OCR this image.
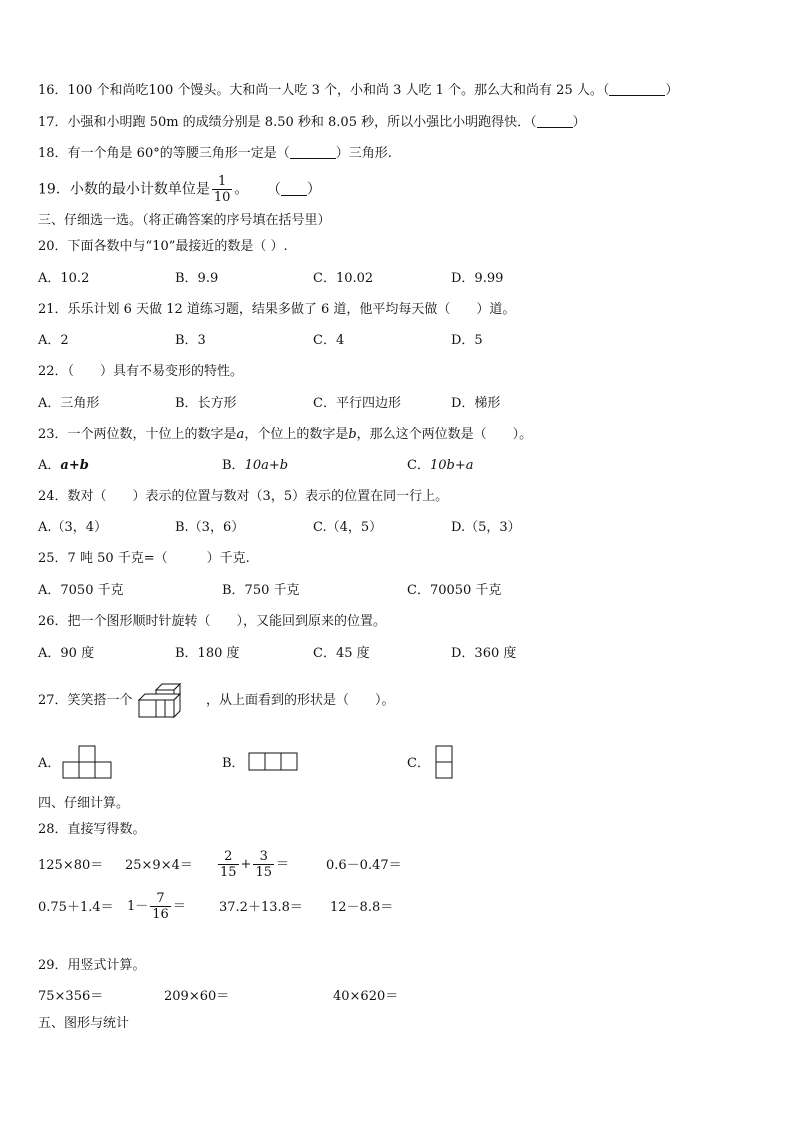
16．100 个和尚吃100 个馒头。大和尚一人吃 3 个，小和尚 3 人吃 1 个。那么大和尚有 25 人。（	）
17．小强和小明跑 50m 的成绩分别是 8.50 秒和 8.05 秒，所以小强比小明跑得快．（	）
18．有一个角是 60°的等腰三角形一定是（	）三角形.
19．小数的最小计数单位是 $\frac{1}{10}$ 。 （ ）
三、仔细选一选。（将正确答案的序号填在括号里）
20．下面各数中与“10”最接近的数是（ ）.
A．10.2	B．9.9	C．10.02	D．9.99
21．乐乐计划 6 天做 12 道练习题，结果多做了 6 道，他平均每天做（　　）道。
A．2	B．3	C．4	D．5
22．（　　）具有不易变形的特性。
A．三角形	B．长方形	C．平行四边形	D．梯形
23．一个两位数，十位上的数字是a，个位上的数字是b，那么这个两位数是（　　）。
A．a+b	B．10a+b	C．10b+a
24．数对（　　）表示的位置与数对（3，5）表示的位置在同一行上。
A.（3，4）	B.（3，6）	C.（4，5）	D.（5，3）
25．7 吨 50 千克=（　　　）千克.
A．7050 千克	B．750 千克	C．70050 千克
26．把一个图形顺时针旋转（　　），又能回到原来的位置。
A．90 度	B．180 度	C．45 度	D．360 度
27．笑笑搭一个	，从上面看到的形状是（　　）。
A．	B．	C．
四、仔细计算。
28．直接写得数。
$125\times 80= 25\times 9\times 4= \frac{2}{15} + \frac{3}{15}$ ＝	0.6－0.47＝
$0.75+1.4= 1- \frac{7}{16}$ ＝	37.2＋13.8＝ 12－8.8＝
29．用竖式计算。
75×356＝	209×60＝	40×620＝
五、图形与统计
